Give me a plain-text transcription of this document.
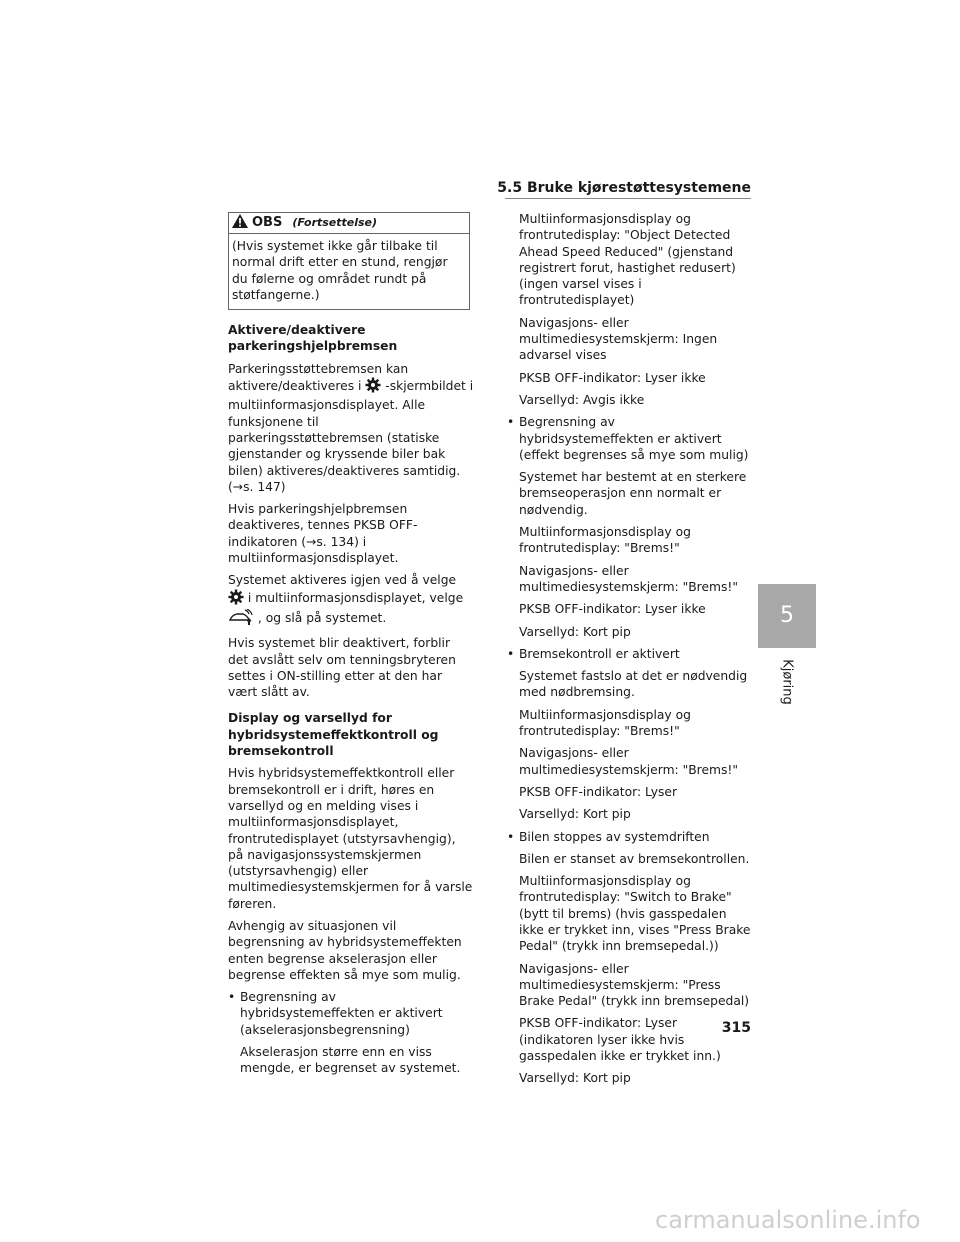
5.5 Bruke kjørestøttesystemene
OBS (Fortsettelse)
(Hvis systemet ikke går tilbake til normal drift etter en stund, rengjør du følerne og området rundt på støtfangerne.)
Aktivere/deaktivere parkeringshjelpbremsen

Parkeringsstøttebremsen kan aktivere/deaktiveres i -skjermbildet i multiinformasjonsdisplayet. Alle funksjonene til parkeringsstøttebremsen (statiske gjenstander og kryssende biler bak bilen) aktiveres/deaktiveres samtidig. (→s. 147)

Hvis parkeringshjelpbremsen deaktiveres, tennes PKSB OFF-indikatoren (→s. 134) i multiinformasjonsdisplayet.

Systemet aktiveres igjen ved å velge  i multiinformasjonsdisplayet, velge  , og slå på systemet.

Hvis systemet blir deaktivert, forblir det avslått selv om tenningsbryteren settes i ON-stilling etter at den har vært slått av.

Display og varsellyd for hybridsystemeffektkontroll og bremsekontroll

Hvis hybridsystemeffektkontroll eller bremsekontroll er i drift, høres en varsellyd og en melding vises i multiinformasjonsdisplayet, frontrutedisplayet (utstyrsavhengig), på navigasjonssystemskjermen (utstyrsavhengig) eller multimediesystemskjermen for å varsle føreren.

Avhengig av situasjonen vil begrensning av hybridsystemeffekten enten begrense akselerasjon eller begrense effekten så mye som mulig.

• Begrensning av hybridsystemeffekten er aktivert (akselerasjonsbegrensning)

Akselerasjon større enn en viss mengde, er begrenset av systemet.

Multiinformasjonsdisplay og frontrutedisplay: "Object Detected Ahead Speed Reduced" (gjenstand registrert forut, hastighet redusert) (ingen varsel vises i frontrutedisplayet)

Navigasjons- eller multimediesystemskjerm: Ingen advarsel vises

PKSB OFF-indikator: Lyser ikke

Varsellyd: Avgis ikke

• Begrensning av hybridsystemeffekten er aktivert (effekt begrenses så mye som mulig)

Systemet har bestemt at en sterkere bremseoperasjon enn normalt er nødvendig.

Multiinformasjonsdisplay og frontrutedisplay: "Brems!"

Navigasjons- eller multimediesystemskjerm: "Brems!"

PKSB OFF-indikator: Lyser ikke

Varsellyd: Kort pip

• Bremsekontroll er aktivert

Systemet fastslo at det er nødvendig med nødbremsing.

Multiinformasjonsdisplay og frontrutedisplay: "Brems!"

Navigasjons- eller multimediesystemskjerm: "Brems!"

PKSB OFF-indikator: Lyser

Varsellyd: Kort pip

• Bilen stoppes av systemdriften

Bilen er stanset av bremsekontrollen.

Multiinformasjonsdisplay og frontrutedisplay: "Switch to Brake" (bytt til brems) (hvis gasspedalen ikke er trykket inn, vises "Press Brake Pedal" (trykk inn bremsepedal.))

Navigasjons- eller multimediesystemskjerm: "Press Brake Pedal" (trykk inn bremsepedal)

PKSB OFF-indikator: Lyser (indikatoren lyser ikke hvis gasspedalen ikke er trykket inn.)

Varsellyd: Kort pip

5
Kjøring
315
carmanualsonline.info
